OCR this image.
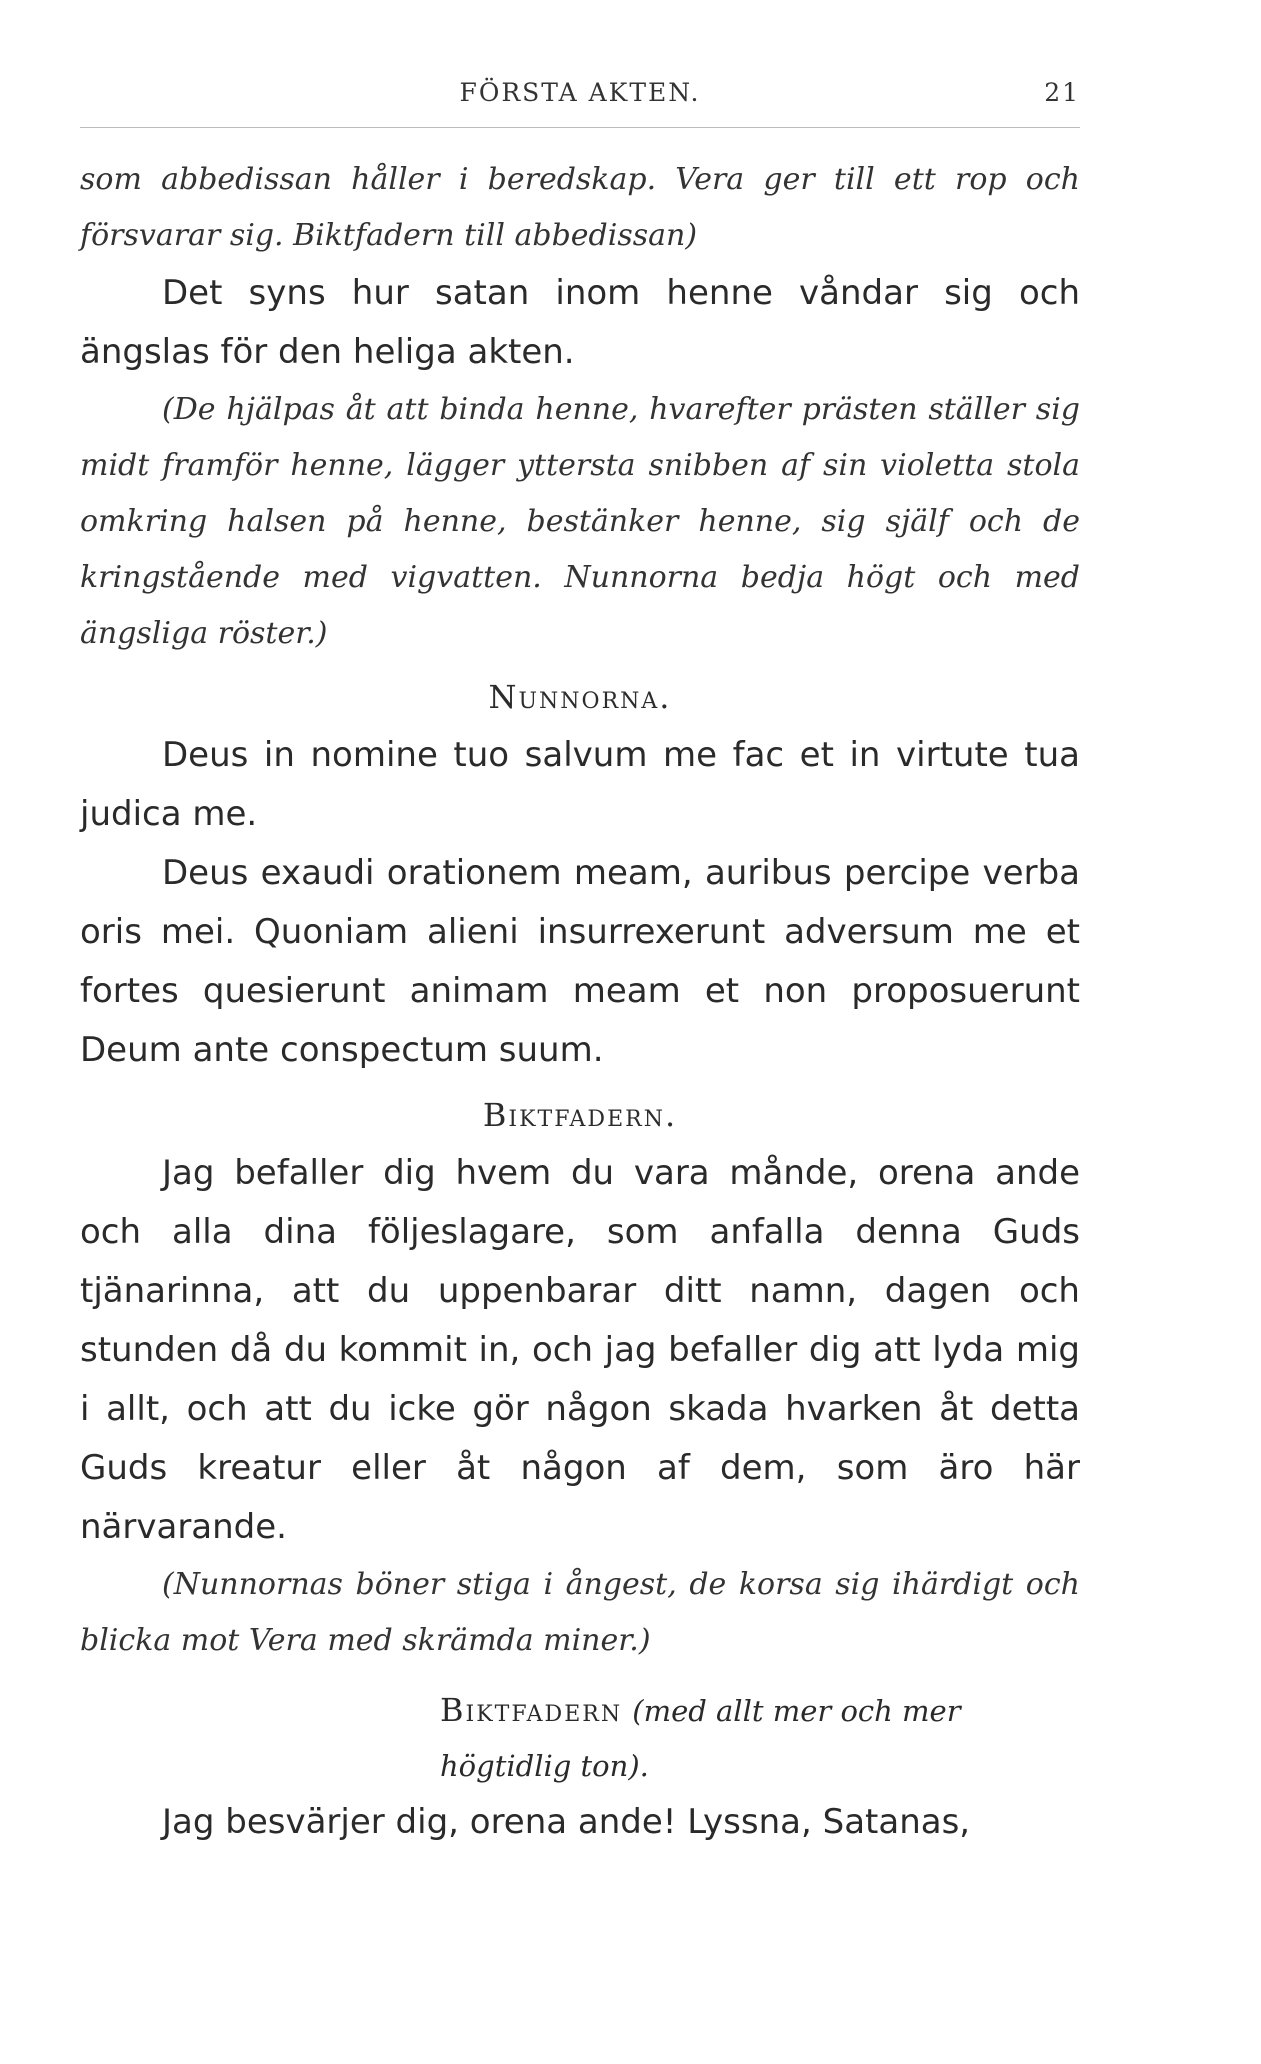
FÖRSTA AKTEN.	21

som abbedissan håller i beredskap. Vera ger till ett rop och försvarar sig. Biktfadern till abbedissan)

Det syns hur satan inom henne våndar sig och ängslas för den heliga akten.

(De hjälpas åt att binda henne, hvarefter prästen ställer sig midt framför henne, lägger yttersta snibben af sin violetta stola omkring halsen på henne, bestänker henne, sig själf och de kringstående med vigvatten. Nunnorna bedja högt och med ängsliga röster.)

Nunnorna.

Deus in nomine tuo salvum me fac et in virtute tua judica me.

Deus exaudi orationem meam, auribus percipe verba oris mei. Quoniam alieni insurrexerunt adversum me et fortes quesierunt animam meam et non proposuerunt Deum ante conspectum suum.

Biktfadern.

Jag befaller dig hvem du vara månde, orena ande och alla dina följeslagare, som anfalla denna Guds tjänarinna, att du uppenbarar ditt namn, dagen och stunden då du kommit in, och jag befaller dig att lyda mig i allt, och att du icke gör någon skada hvarken åt detta Guds kreatur eller åt någon af dem, som äro här närvarande.

(Nunnornas böner stiga i ångest, de korsa sig ihärdigt och blicka mot Vera med skrämda miner.)

Biktfadern (med allt mer och mer högtidlig ton).

Jag besvärjer dig, orena ande! Lyssna, Satanas,
